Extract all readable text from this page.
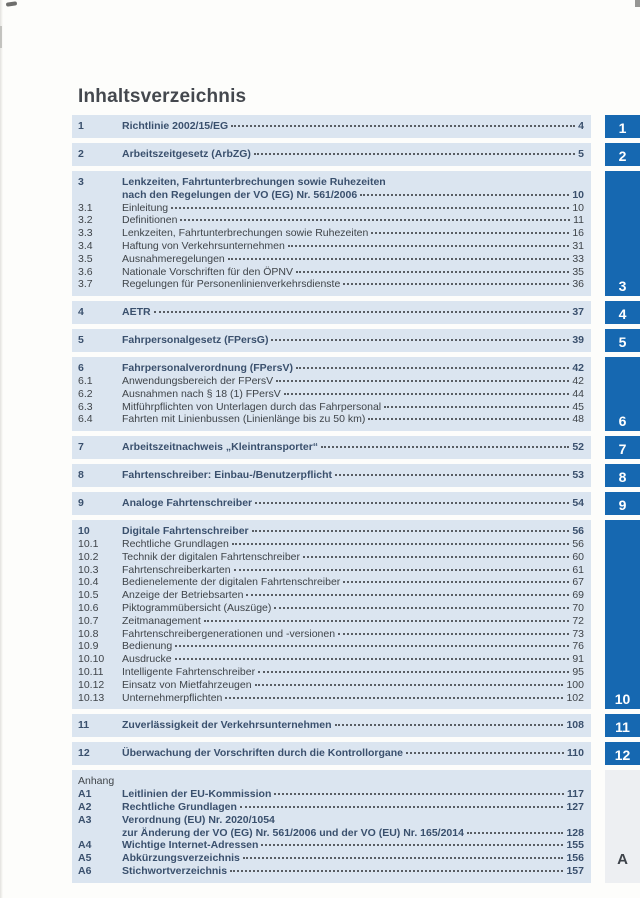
Inhaltsverzeichnis
1	Richtlinie 2002/15/EG	4 1
2	Arbeitszeitgesetz (ArbZG)	5 2
3	Lenkzeiten, Fahrtunterbrechungen sowie Ruhezeiten
nach den Regelungen der VO (EG) Nr. 561/2006	10
3.1	Einleitung	10
3.2	Definitionen	11
3.3	Lenkzeiten, Fahrtunterbrechungen sowie Ruhezeiten	16
3.4	Haftung von Verkehrsunternehmen	31
3.5	Ausnahmeregelungen	33
3.6	Nationale Vorschriften für den ÖPNV	35
3.7	Regelungen für Personenlinienverkehrsdienste	36 3
4	AETR	37 4
5	Fahrpersonalgesetz (FPersG)	39 5
6	Fahrpersonalverordnung (FPersV)	42
6.1	Anwendungsbereich der FPersV	42
6.2	Ausnahmen nach § 18 (1) FPersV	44
6.3	Mitführpflichten von Unterlagen durch das Fahrpersonal	45
6.4	Fahrten mit Linienbussen (Linienlänge bis zu 50 km)	48 6
7	Arbeitszeitnachweis „Kleintransporter“	52 7
8	Fahrtenschreiber: Einbau-/Benutzerpflicht	53 8
9	Analoge Fahrtenschreiber	54 9
10	Digitale Fahrtenschreiber	56
10.1	Rechtliche Grundlagen	56
10.2	Technik der digitalen Fahrtenschreiber	60
10.3	Fahrtenschreiberkarten	61
10.4	Bedienelemente der digitalen Fahrtenschreiber	67
10.5	Anzeige der Betriebsarten	69
10.6	Piktogrammübersicht (Auszüge)	70
10.7	Zeitmanagement	72
10.8	Fahrtenschreibergenerationen und -versionen	73
10.9	Bedienung	76
10.10	Ausdrucke	91
10.11	Intelligente Fahrtenschreiber	95
10.12	Einsatz von Mietfahrzeugen	100
10.13	Unternehmerpflichten	102 10
11	Zuverlässigkeit der Verkehrsunternehmen	108 11
12	Überwachung der Vorschriften durch die Kontrollorgane	110 12
Anhang
A1	Leitlinien der EU-Kommission	117
A2	Rechtliche Grundlagen	127
A3	Verordnung (EU) Nr. 2020/1054
zur Änderung der VO (EG) Nr. 561/2006 und der VO (EU) Nr. 165/2014	128
A4	Wichtige Internet-Adressen	155
A5	Abkürzungsverzeichnis	156
A6	Stichwortverzeichnis	157
A
